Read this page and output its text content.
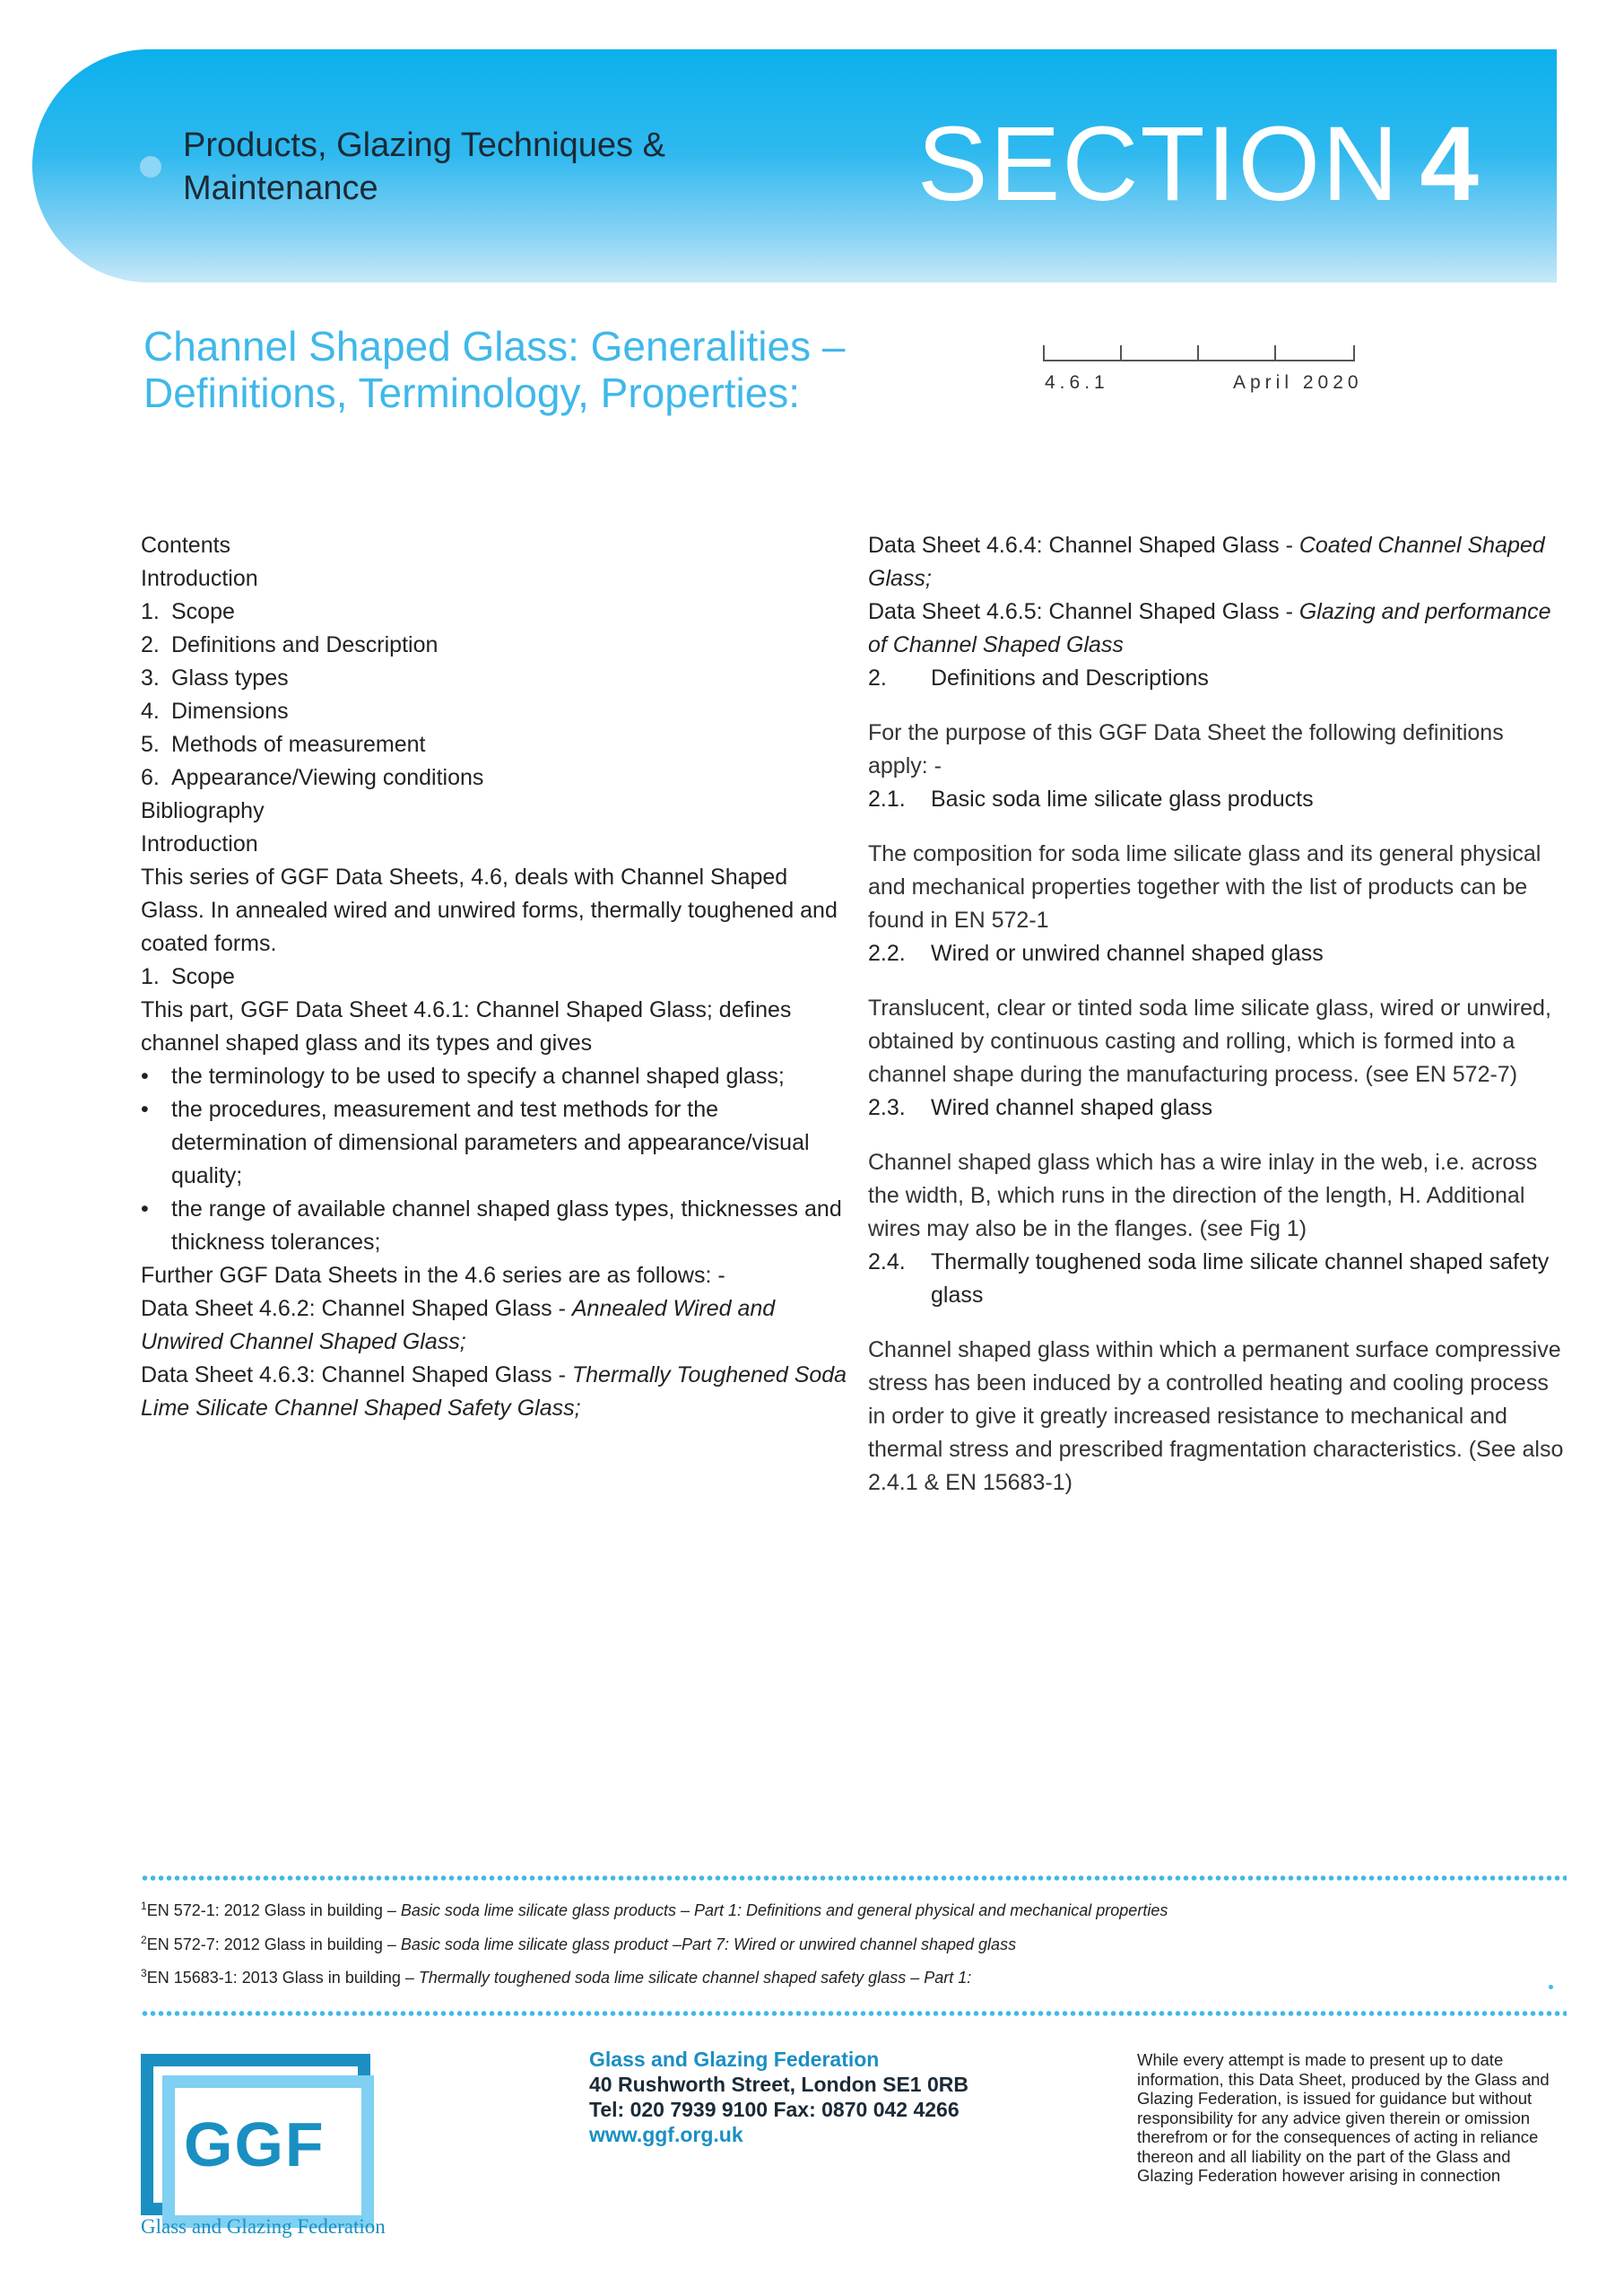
Products, Glazing Techniques & Maintenance	SECTION 4
Channel Shaped Glass: Generalities – Definitions, Terminology, Properties:	4.6.1	April 2020

Contents

Introduction

1. Scope

2. Definitions and Description

3. Glass types

4. Dimensions

5. Methods of measurement

6. Appearance/Viewing conditions

Bibliography

Introduction

This series of GGF Data Sheets, 4.6, deals with Channel Shaped Glass. In annealed wired and unwired forms, thermally toughened and coated forms.

1. Scope

This part, GGF Data Sheet 4.6.1: Channel Shaped Glass; defines channel shaped glass and its types and gives

• the terminology to be used to specify a channel shaped glass;

• the procedures, measurement and test methods for the determination of dimensional parameters and appearance/visual quality;

• the range of available channel shaped glass types, thicknesses and thickness tolerances;

Further GGF Data Sheets in the 4.6 series are as follows: -

Data Sheet 4.6.2: Channel Shaped Glass - Annealed Wired and Unwired Channel Shaped Glass;

Data Sheet 4.6.3: Channel Shaped Glass - Thermally Toughened Soda Lime Silicate Channel Shaped Safety Glass;

Data Sheet 4.6.4: Channel Shaped Glass - Coated Channel Shaped Glass;

Data Sheet 4.6.5: Channel Shaped Glass - Glazing and performance of Channel Shaped Glass

2.	Definitions and Descriptions

For the purpose of this GGF Data Sheet the following definitions apply: -

2.1.	Basic soda lime silicate glass products

The composition for soda lime silicate glass and its general physical and mechanical properties together with the list of products can be found in EN 572-1

2.2.	Wired or unwired channel shaped glass

Translucent, clear or tinted soda lime silicate glass, wired or unwired, obtained by continuous casting and rolling, which is formed into a channel shape during the manufacturing process. (see EN 572-7)

2.3.	Wired channel shaped glass

Channel shaped glass which has a wire inlay in the web, i.e. across the width, B, which runs in the direction of the length, H. Additional wires may also be in the flanges. (see Fig 1)

2.4.	Thermally toughened soda lime silicate channel shaped safety glass

Channel shaped glass within which a permanent surface compressive stress has been induced by a controlled heating and cooling process in order to give it greatly increased resistance to mechanical and thermal stress and prescribed fragmentation characteristics. (See also 2.4.1 & EN 15683-1)

$^1$EN 572-1: 2012 Glass in building – Basic soda lime silicate glass products – Part 1: Definitions and general physical and mechanical properties
$^2$EN 572-7: 2012 Glass in building – Basic soda lime silicate glass product –Part 7: Wired or unwired channel shaped glass
$^3$EN 15683-1: 2013 Glass in building – Thermally toughened soda lime silicate channel shaped safety glass – Part 1:
GGF
Glass and Glazing Federation
Glass and Glazing Federation
40 Rushworth Street, London SE1 0RB
Tel: 020 7939 9100 Fax: 0870 042 4266
www.ggf.org.uk
While every attempt is made to present up to date information, this Data Sheet, produced by the Glass and Glazing Federation, is issued for guidance but without responsibility for any advice given therein or omission therefrom or for the consequences of acting in reliance thereon and all liability on the part of the Glass and Glazing Federation however arising in connection
